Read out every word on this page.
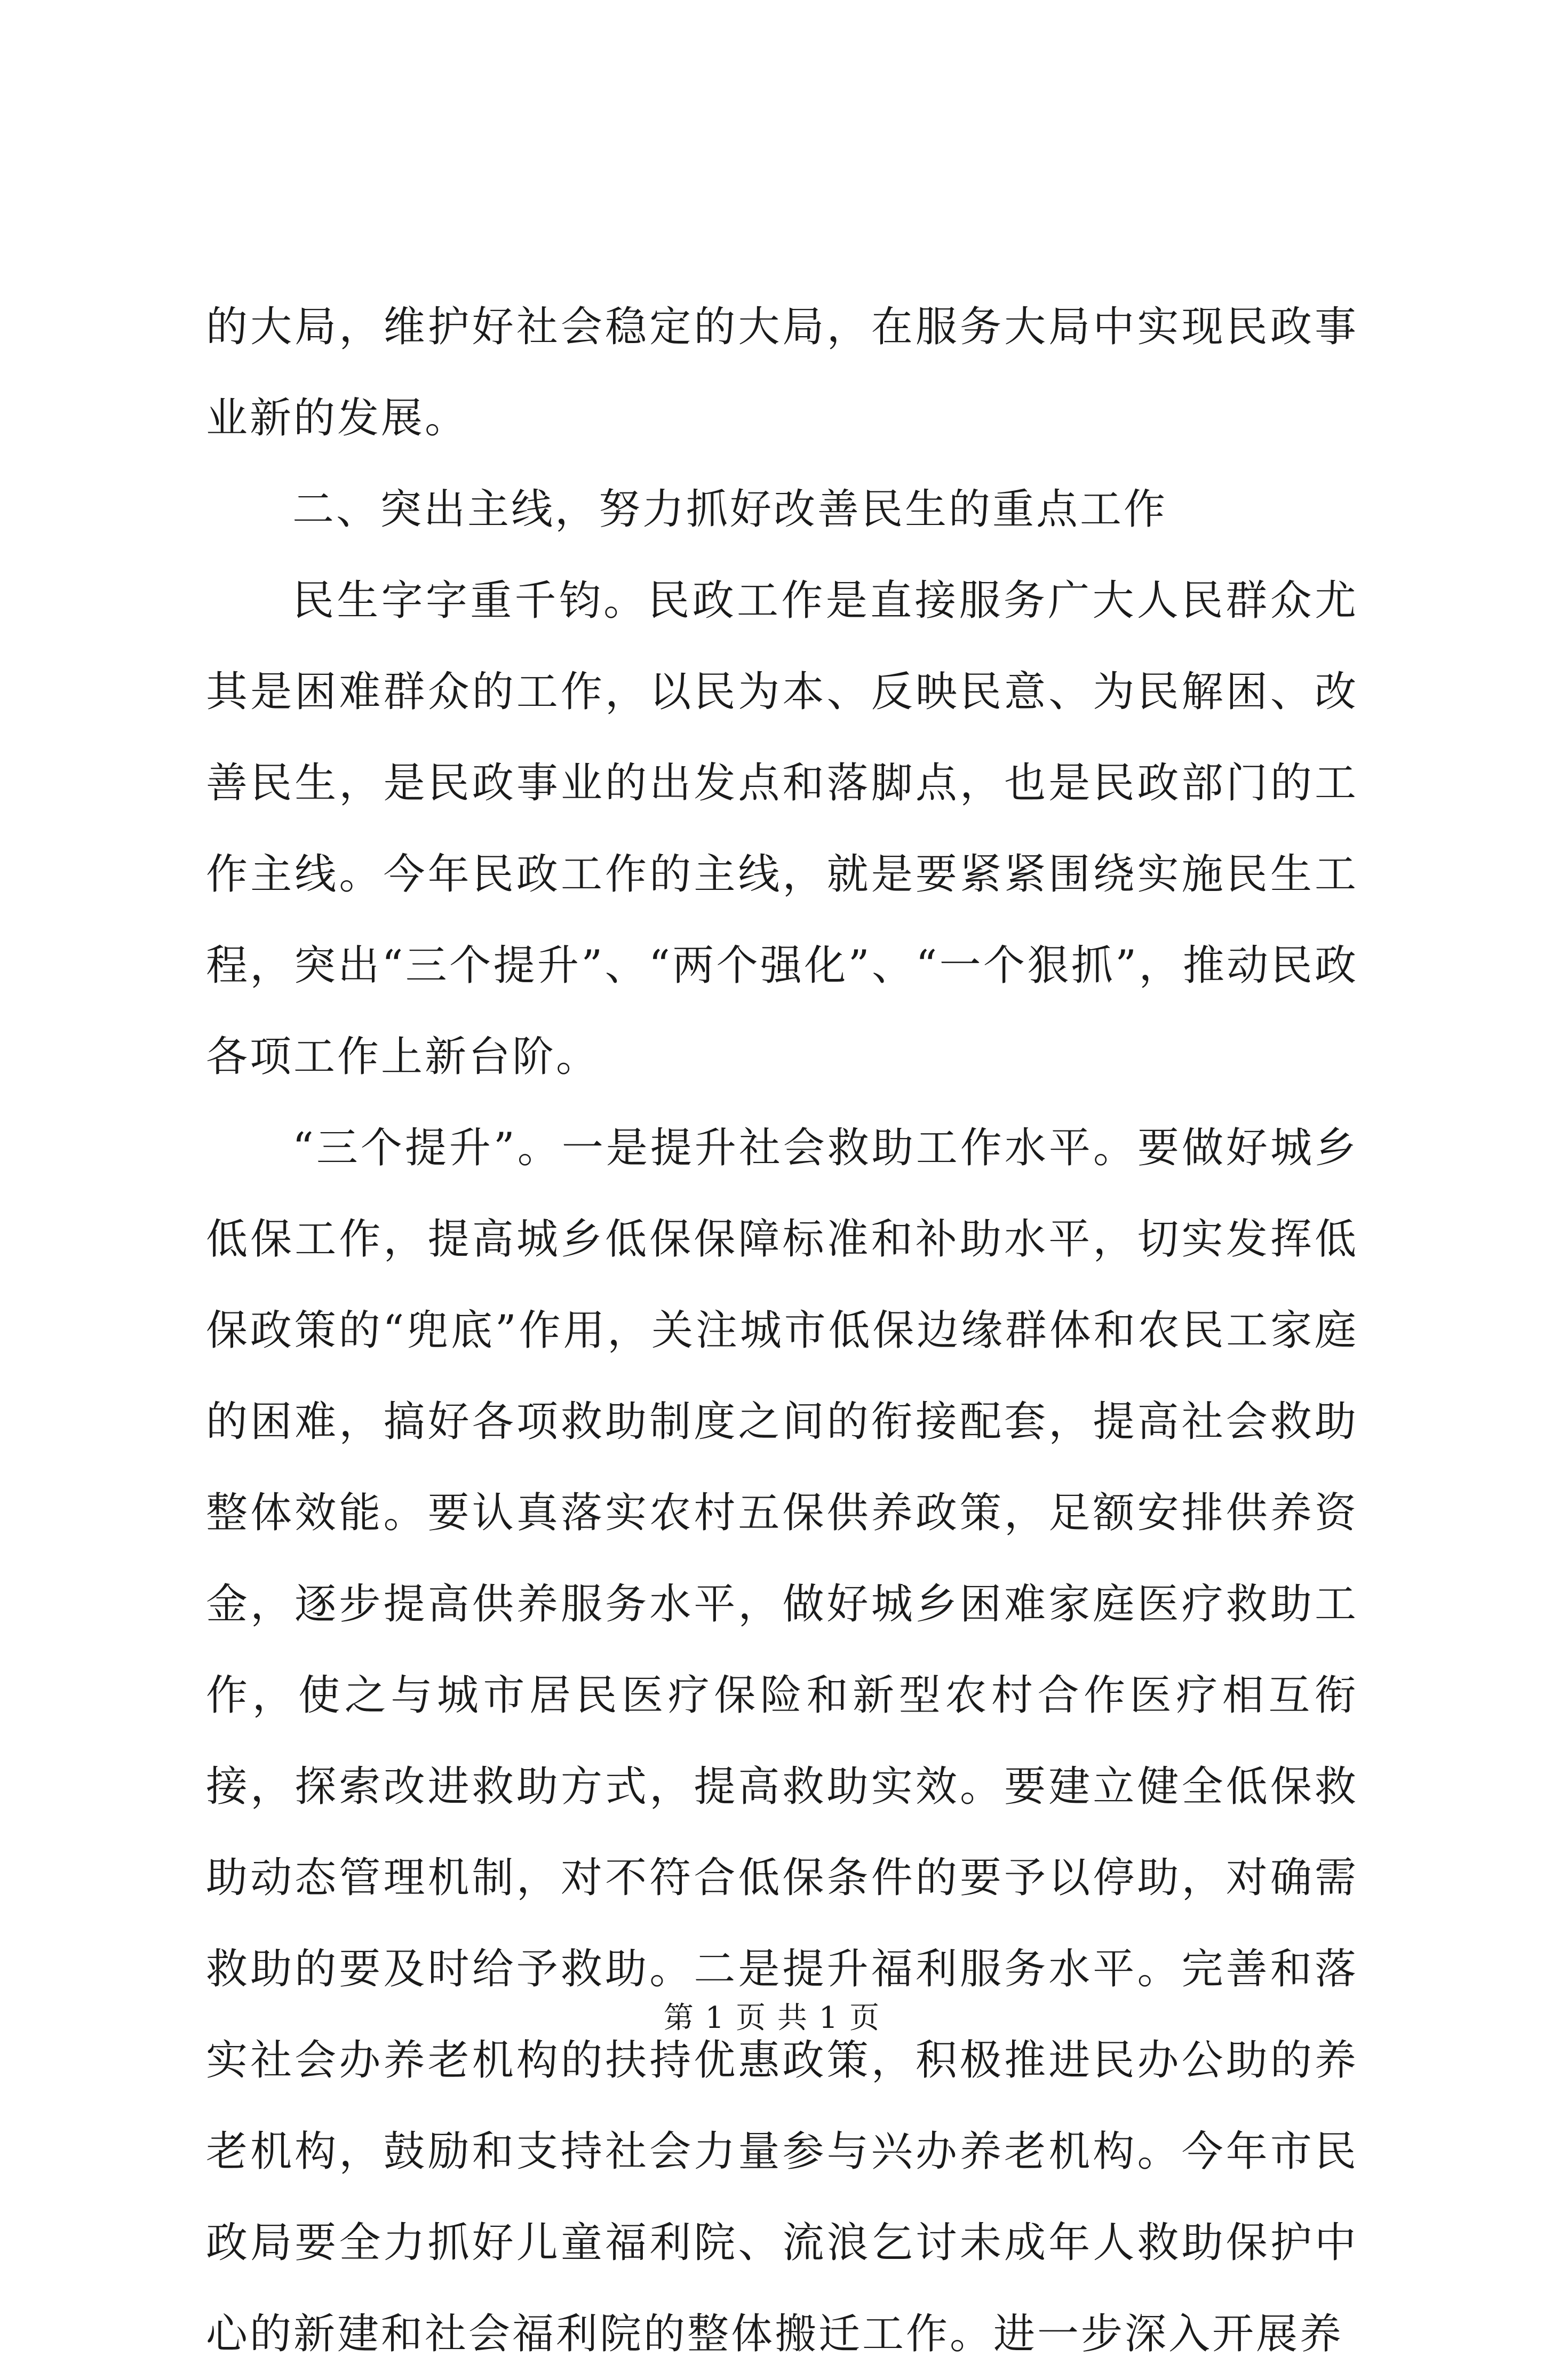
的大局，维护好社会稳定的大局，在服务大局中实现民政事业新的发展。

二、突出主线，努力抓好改善民生的重点工作

民生字字重千钧。民政工作是直接服务广大人民群众尤其是困难群众的工作，以民为本、反映民意、为民解困、改善民生，是民政事业的出发点和落脚点，也是民政部门的工作主线。今年民政工作的主线，就是要紧紧围绕实施民生工程，突出“三个提升”、“两个强化”、“一个狠抓”，推动民政各项工作上新台阶。

“三个提升”。一是提升社会救助工作水平。要做好城乡低保工作，提高城乡低保保障标准和补助水平，切实发挥低保政策的“兜底”作用，关注城市低保边缘群体和农民工家庭的困难，搞好各项救助制度之间的衔接配套，提高社会救助整体效能。要认真落实农村五保供养政策，足额安排供养资金，逐步提高供养服务水平，做好城乡困难家庭医疗救助工作，使之与城市居民医疗保险和新型农村合作医疗相互衔接，探索改进救助方式，提高救助实效。要建立健全低保救助动态管理机制，对不符合低保条件的要予以停助，对确需救助的要及时给予救助。二是提升福利服务水平。完善和落实社会办养老机构的扶持优惠政策，积极推进民办公助的养老机构，鼓励和支持社会力量参与兴办养老机构。今年市民政局要全力抓好儿童福利院、流浪乞讨未成年人救助保护中心的新建和社会福利院的整体搬迁工作。进一步深入开展养

第 1 页 共 1 页
